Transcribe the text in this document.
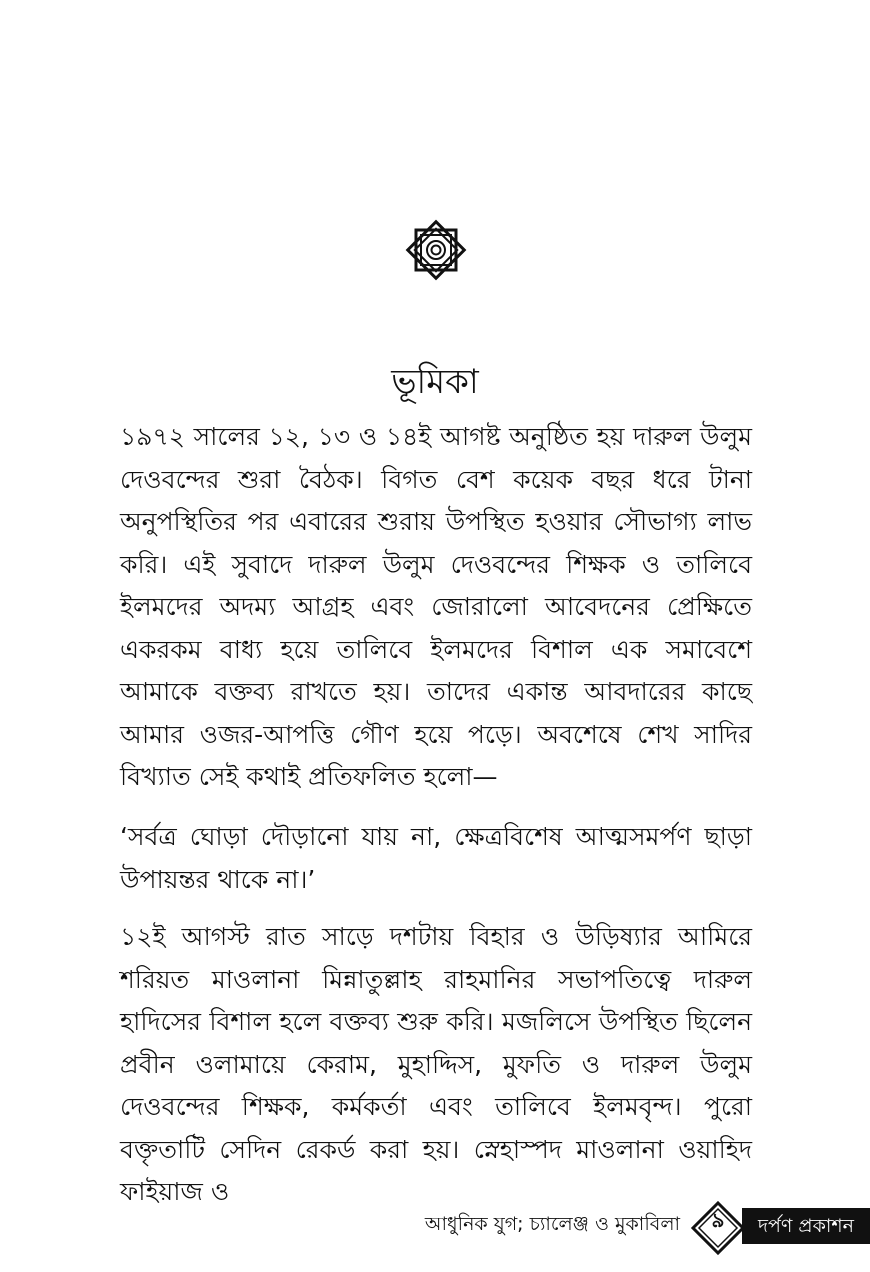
ভূমিকা
১৯৭২ সালের ১২, ১৩ ও ১৪ই আগষ্ট অনুষ্ঠিত হয় দারুল উলুম দেওবন্দের শুরা বৈঠক। বিগত বেশ কয়েক বছর ধরে টানা অনুপস্থিতির পর এবারের শুরায় উপস্থিত হওয়ার সৌভাগ্য লাভ করি। এই সুবাদে দারুল উলুম দেওবন্দের শিক্ষক ও তালিবে ইলমদের অদম্য আগ্রহ এবং জোরালো আবেদনের প্রেক্ষিতে একরকম বাধ্য হয়ে তালিবে ইলমদের বিশাল এক সমাবেশে আমাকে বক্তব্য রাখতে হয়। তাদের একান্ত আবদারের কাছে আমার ওজর-আপত্তি গৌণ হয়ে পড়ে। অবশেষে শেখ সাদির বিখ্যাত সেই কথাই প্রতিফলিত হলো—
‘সর্বত্র ঘোড়া দৌড়ানো যায় না, ক্ষেত্রবিশেষ আত্মসমর্পণ ছাড়া উপায়ন্তর থাকে না।’
১২ই আগস্ট রাত সাড়ে দশটায় বিহার ও উড়িষ্যার আমিরে শরিয়ত মাওলানা মিন্নাতুল্লাহ রাহমানির সভাপতিত্বে দারুল হাদিসের বিশাল হলে বক্তব্য শুরু করি। মজলিসে উপস্থিত ছিলেন প্রবীন ওলামায়ে কেরাম, মুহাদ্দিস, মুফতি ও দারুল উলুম দেওবন্দের শিক্ষক, কর্মকর্তা এবং তালিবে ইলমবৃন্দ। পুরো বক্তৃতাটি সেদিন রেকর্ড করা হয়। স্নেহাস্পদ মাওলানা ওয়াহিদ ফাইয়াজ ও
আধুনিক যুগ; চ্যালেঞ্জ ও মুকাবিলা	৯	দর্পণ প্রকাশন
